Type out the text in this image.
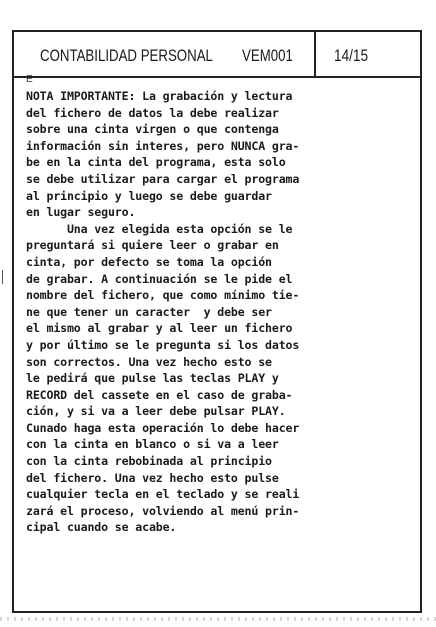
CONTABILIDAD PERSONAL VEM001 14/15
E
NOTA IMPORTANTE: La grabación y lectura
del fichero de datos la debe realizar
sobre una cinta virgen o que contenga
información sin interes, pero NUNCA gra-
be en la cinta del programa, esta solo
se debe utilizar para cargar el programa
al principio y luego se debe guardar
en lugar seguro.
Una vez elegida esta opción se le
preguntará si quiere leer o grabar en
cinta, por defecto se toma la opción
de grabar. A continuación se le pide el
nombre del fichero, que como mínimo tie-
ne que tener un caracter  y debe ser
el mismo al grabar y al leer un fichero
y por último se le pregunta si los datos
son correctos. Una vez hecho esto se
le pedirá que pulse las teclas PLAY y
RECORD del cassete en el caso de graba-
ción, y si va a leer debe pulsar PLAY.
Cunado haga esta operación lo debe hacer
con la cinta en blanco o si va a leer
con la cinta rebobinada al principio
del fichero. Una vez hecho esto pulse
cualquier tecla en el teclado y se reali
zará el proceso, volviendo al menú prin-
cipal cuando se acabe.
